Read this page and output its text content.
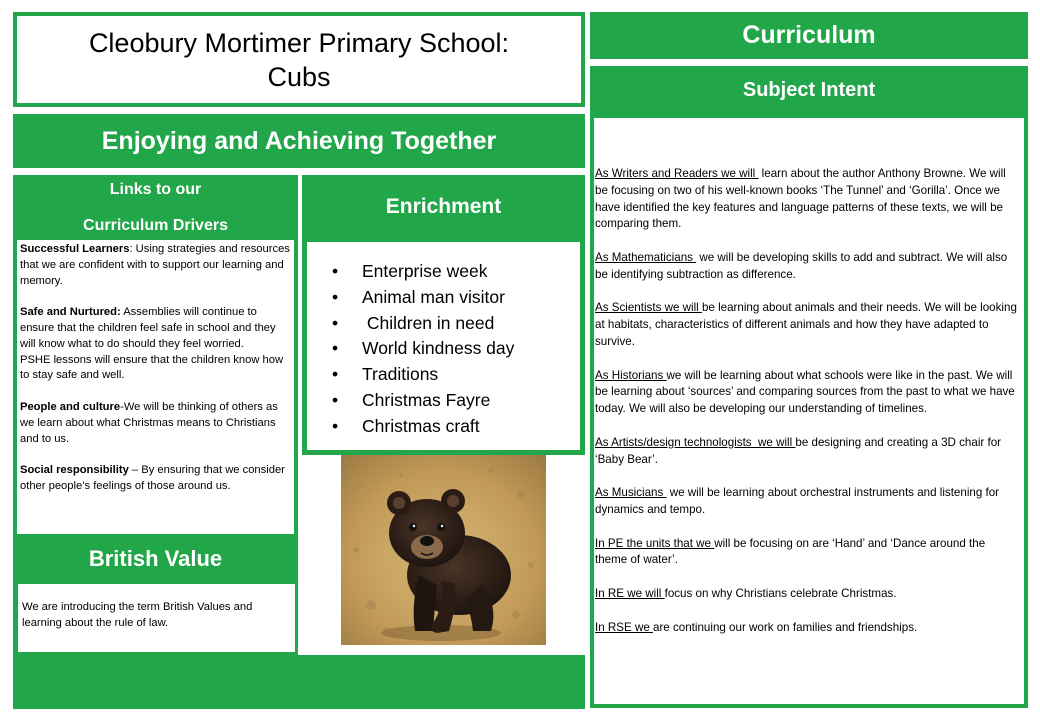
Cleobury Mortimer Primary School:
Cubs
Enjoying and Achieving Together
Links to our
Curriculum Drivers

Successful Learners: Using strategies and resources that we are confident with to support our learning and memory.

Safe and Nurtured: Assemblies will continue to ensure that the children feel safe in school and they will know what to do should they feel worried.

PSHE lessons will ensure that the children know how to stay safe and well.

People and culture-We will be thinking of others as we learn about what Christmas means to Christians and to us.

Social responsibility – By ensuring that we consider other people’s feelings of those around us.

British Value
We are introducing the term British Values and learning about the rule of law.
Enrichment
• Enterprise week
• Animal man visitor
• Children in need
• World kindness day
• Traditions
• Christmas Fayre
• Christmas craft
Curriculum
Subject Intent

As Writers and Readers we will  learn about the author Anthony Browne. We will be focusing on two of his well-known books ‘The Tunnel’ and ‘Gorilla’. Once we have identified the key features and language patterns of these texts, we will be comparing them.

As Mathematicians  we will be developing skills to add and subtract. We will also be identifying subtraction as difference.

As Scientists we will be learning about animals and their needs. We will be looking at habitats, characteristics of different animals and how they have adapted to survive.

As Historians we will be learning about what schools were like in the past. We will be learning about ‘sources’ and comparing sources from the past to what we have today. We will also be developing our understanding of timelines.

As Artists/design technologists  we will be designing and creating a 3D chair for ‘Baby Bear’.

As Musicians  we will be learning about orchestral instruments and listening for dynamics and tempo.

In PE the units that we will be focusing on are ‘Hand’ and ‘Dance around the theme of water’.

In RE we will focus on why Christians celebrate Christmas.

In RSE we are continuing our work on families and friendships.
